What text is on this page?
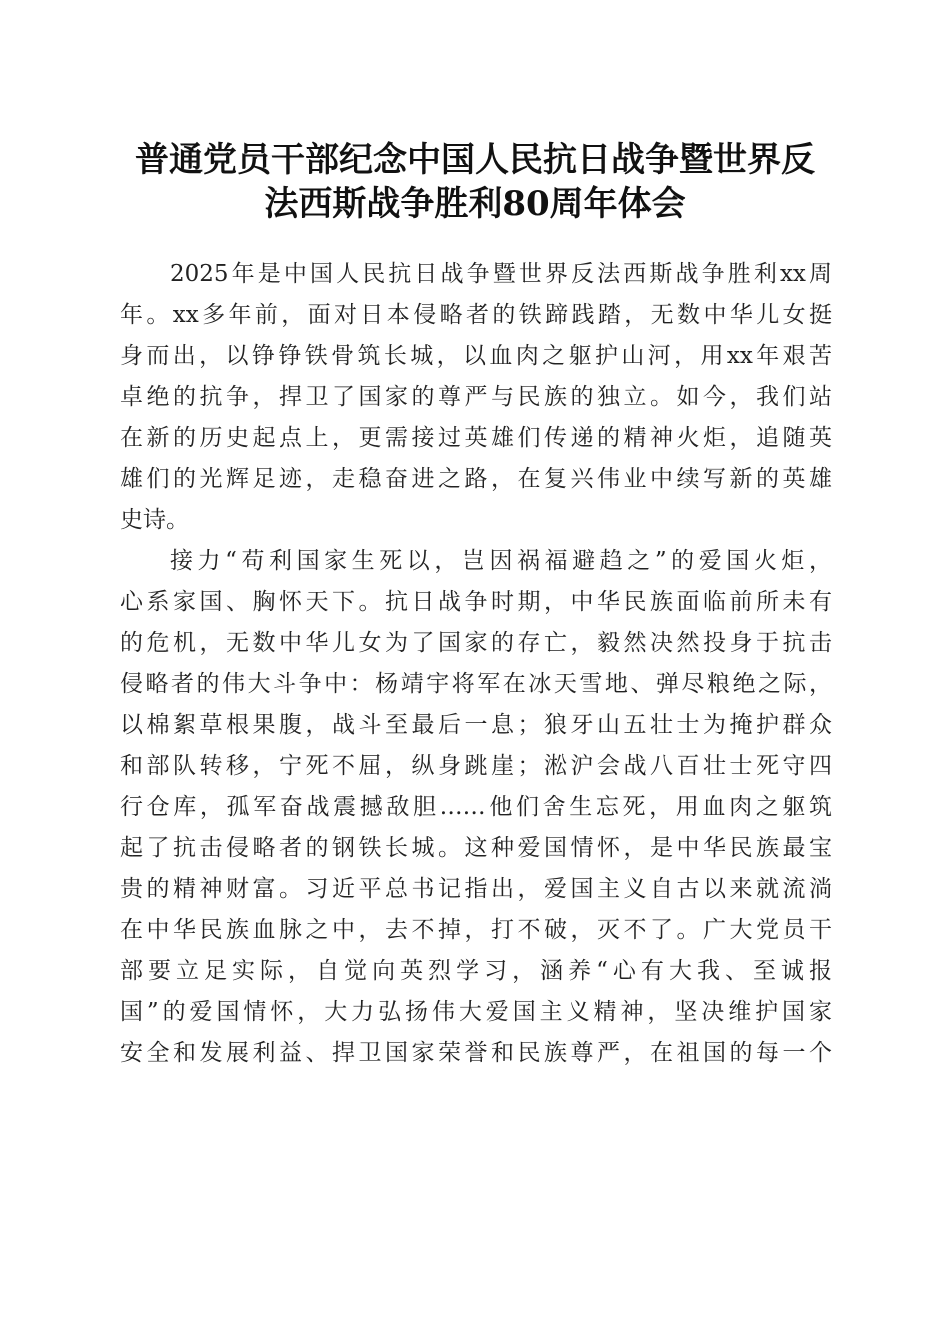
普通党员干部纪念中国人民抗日战争暨世界反
法西斯战争胜利80周年体会
2025年是中国人民抗日战争暨世界反法西斯战争胜利xx周
年。xx多年前，面对日本侵略者的铁蹄践踏，无数中华儿女挺
身而出，以铮铮铁骨筑长城，以血肉之躯护山河，用xx年艰苦
卓绝的抗争，捍卫了国家的尊严与民族的独立。如今，我们站
在新的历史起点上，更需接过英雄们传递的精神火炬，追随英
雄们的光辉足迹，走稳奋进之路，在复兴伟业中续写新的英雄
史诗。
接力“苟利国家生死以，岂因祸福避趋之”的爱国火炬，
心系家国、胸怀天下。抗日战争时期，中华民族面临前所未有
的危机，无数中华儿女为了国家的存亡，毅然决然投身于抗击
侵略者的伟大斗争中：杨靖宇将军在冰天雪地、弹尽粮绝之际，
以棉絮草根果腹，战斗至最后一息；狼牙山五壮士为掩护群众
和部队转移，宁死不屈，纵身跳崖；淞沪会战八百壮士死守四
行仓库，孤军奋战震撼敌胆……他们舍生忘死，用血肉之躯筑
起了抗击侵略者的钢铁长城。这种爱国情怀，是中华民族最宝
贵的精神财富。习近平总书记指出，爱国主义自古以来就流淌
在中华民族血脉之中，去不掉，打不破，灭不了。广大党员干
部要立足实际，自觉向英烈学习，涵养“心有大我、至诚报
国”的爱国情怀，大力弘扬伟大爱国主义精神，坚决维护国家
安全和发展利益、捍卫国家荣誉和民族尊严，在祖国的每一个
